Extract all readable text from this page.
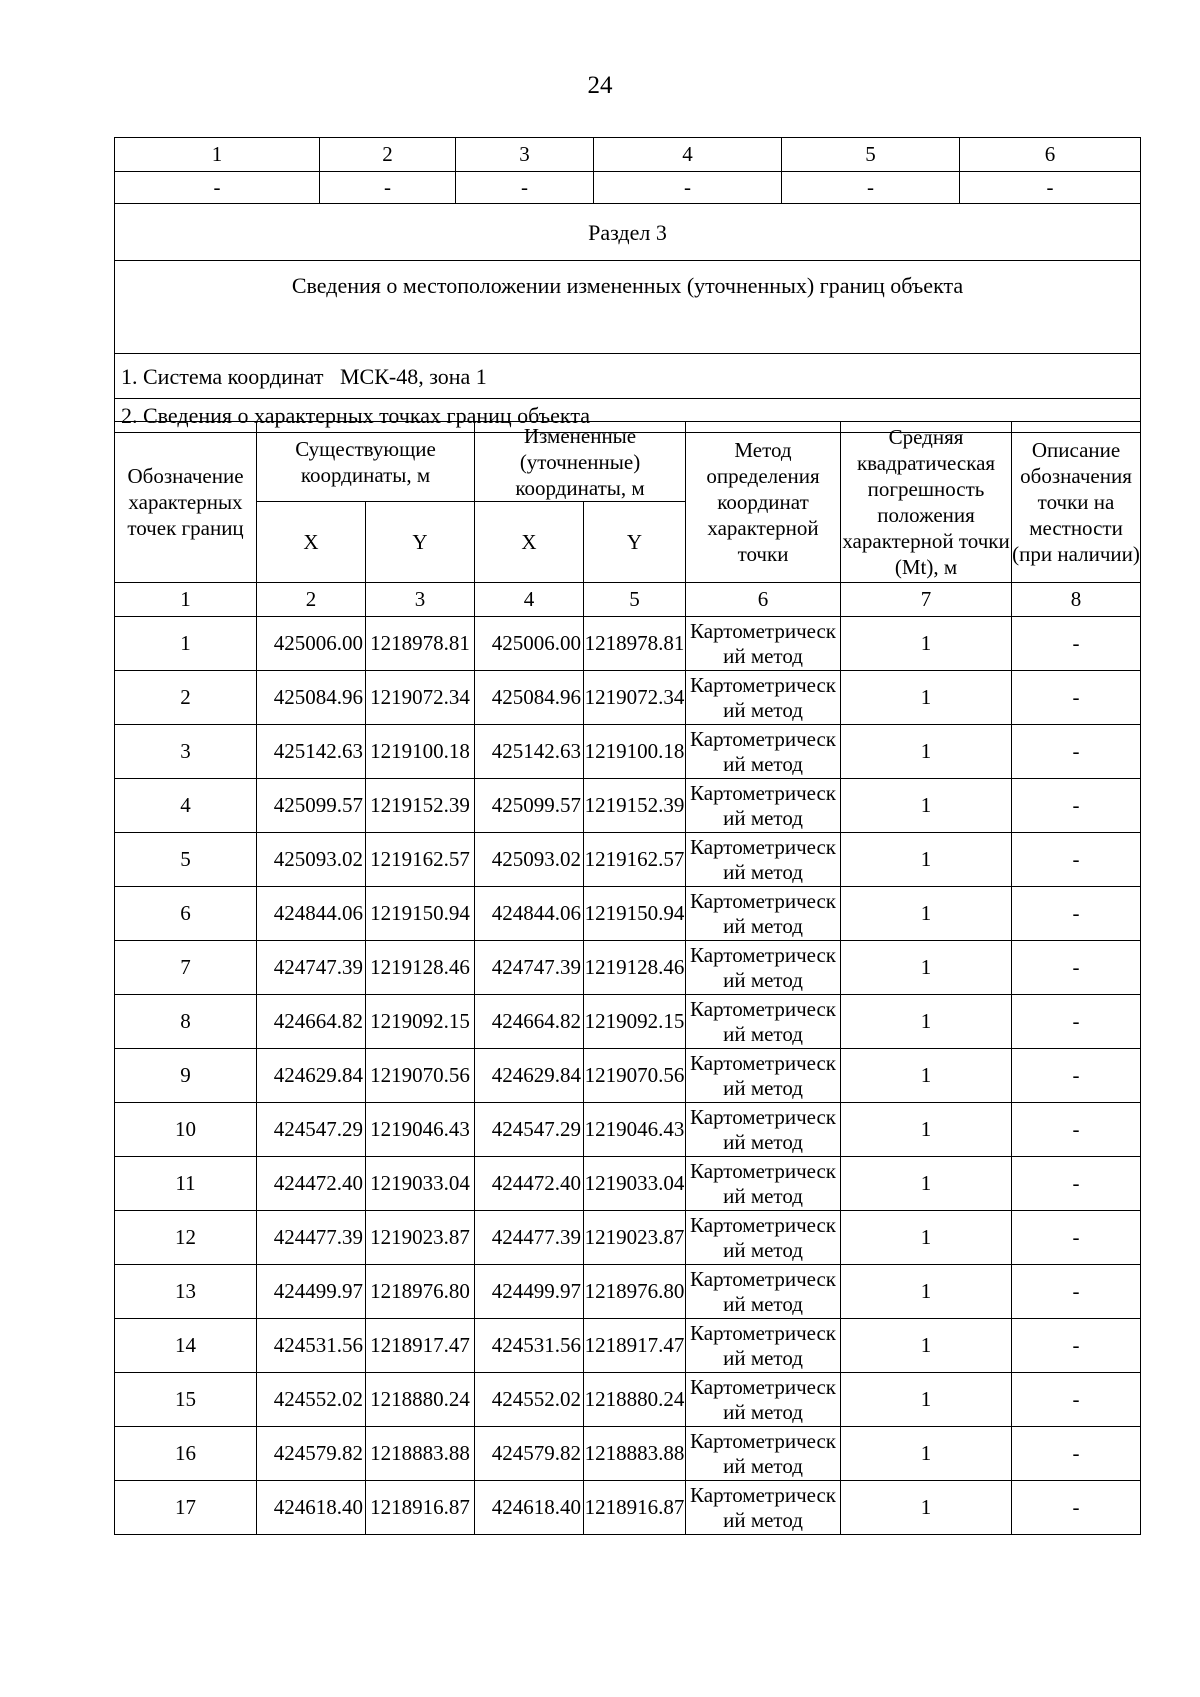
24
1	2	3	4	5	6
-	-	-	-	-	-
Раздел 3					
Сведения о местоположении измененных (уточненных) границ объекта					
1. Система координат   МСК-48, зона 1					
2. Сведения о характерных точках границ объекта					
Обозначение характерных точек границ	Существующие координаты, м		Измененные (уточненные) координаты, м		Метод определения координат характерной точки	Средняя квадратическая погрешность положения характерной точки (Mt), м	Описание обозначения точки на местности (при наличии)
	X	Y	X	Y			
1	2	3	4	5	6	7	8
1	425006.00	1218978.81	425006.00	1218978.81	Картометрический метод	1	-
2	425084.96	1219072.34	425084.96	1219072.34	Картометрический метод	1	-
3	425142.63	1219100.18	425142.63	1219100.18	Картометрический метод	1	-
4	425099.57	1219152.39	425099.57	1219152.39	Картометрический метод	1	-
5	425093.02	1219162.57	425093.02	1219162.57	Картометрический метод	1	-
6	424844.06	1219150.94	424844.06	1219150.94	Картометрический метод	1	-
7	424747.39	1219128.46	424747.39	1219128.46	Картометрический метод	1	-
8	424664.82	1219092.15	424664.82	1219092.15	Картометрический метод	1	-
9	424629.84	1219070.56	424629.84	1219070.56	Картометрический метод	1	-
10	424547.29	1219046.43	424547.29	1219046.43	Картометрический метод	1	-
11	424472.40	1219033.04	424472.40	1219033.04	Картометрический метод	1	-
12	424477.39	1219023.87	424477.39	1219023.87	Картометрический метод	1	-
13	424499.97	1218976.80	424499.97	1218976.80	Картометрический метод	1	-
14	424531.56	1218917.47	424531.56	1218917.47	Картометрический метод	1	-
15	424552.02	1218880.24	424552.02	1218880.24	Картометрический метод	1	-
16	424579.82	1218883.88	424579.82	1218883.88	Картометрический метод	1	-
17	424618.40	1218916.87	424618.40	1218916.87	Картометрический метод	1	-
